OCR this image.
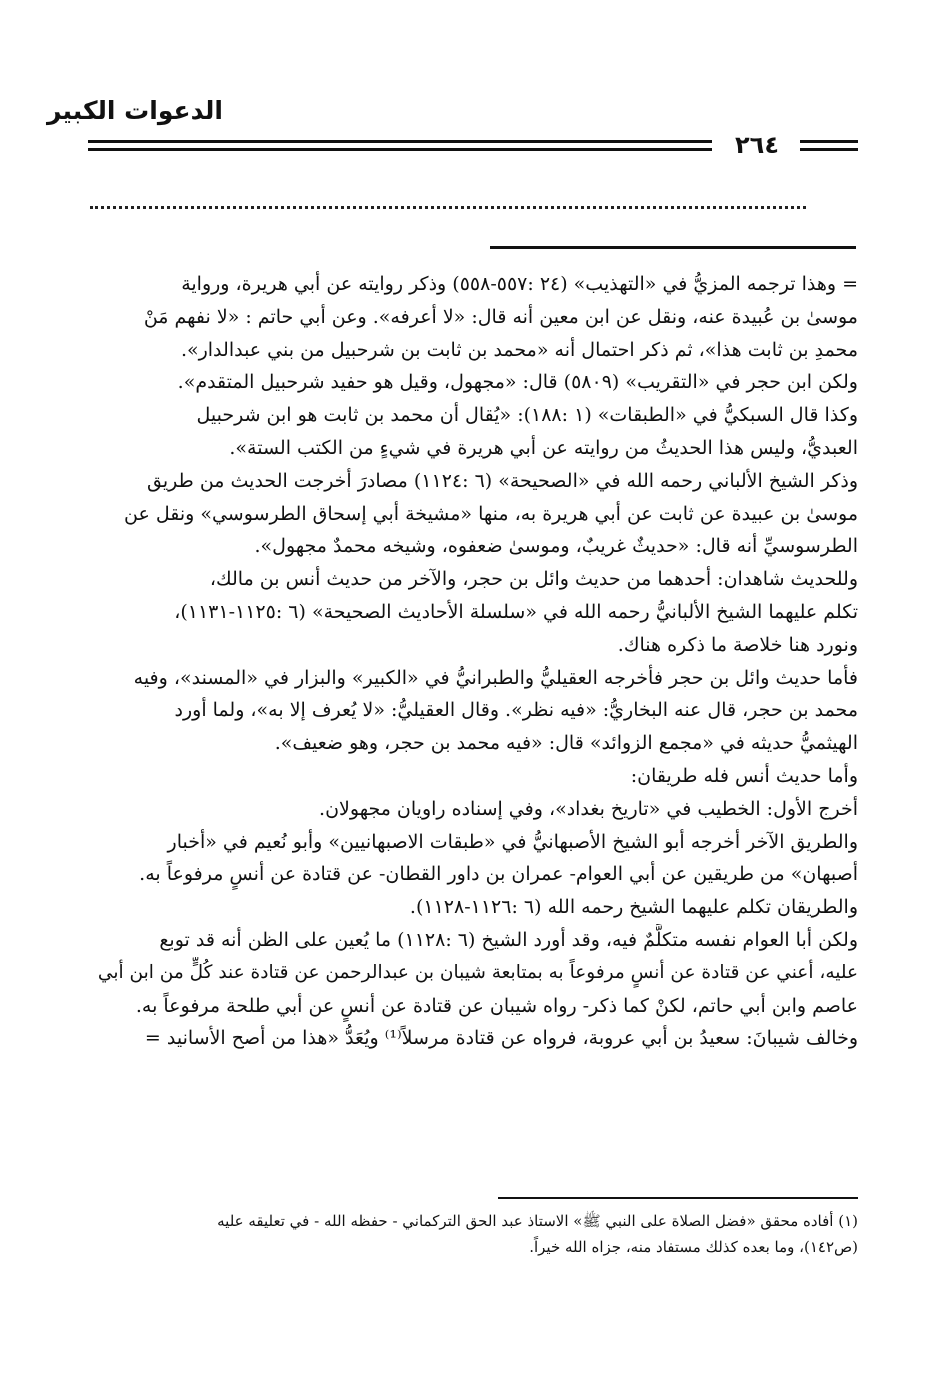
الدعوات الكبير
٢٦٤
= وهذا ترجمه المزيُّ في «التهذيب» (٢٤ :٥٥٧-٥٥٨) وذكر روايته عن أبي هريرة، ورواية
موسىٰ بن عُبيدة عنه، ونقل عن ابن معين أنه قال: «لا أعرفه». وعن أبي حاتم : «لا نفهم مَنْ
محمدِ بن ثابت هذا»، ثم ذكر احتمال أنه «محمد بن ثابت بن شرحبيل من بني عبدالدار».
ولكن ابن حجر في «التقريب» (٥٨٠٩) قال: «مجهول، وقيل هو حفيد شرحبيل المتقدم».
وكذا قال السبكيُّ في «الطبقات» (١ :١٨٨): «يُقال أن محمد بن ثابت هو ابن شرحبيل
العبديُّ، وليس هذا الحديثُ من روايته عن أبي هريرة في شيءٍ من الكتب الستة».
وذكر الشيخ الألباني رحمه الله في «الصحيحة» (٦ :١١٢٤) مصادرَ أخرجت الحديث من طريق
موسىٰ بن عبيدة عن ثابت عن أبي هريرة به، منها «مشيخة أبي إسحاق الطرسوسي» ونقل عن
الطرسوسيِّ أنه قال: «حديثٌ غريبٌ، وموسىٰ ضعفوه، وشيخه محمدٌ مجهول».
وللحديث شاهدان: أحدهما من حديث وائل بن حجر، والآخر من حديث أنس بن مالك،
تكلم عليهما الشيخ الألبانيُّ رحمه الله في «سلسلة الأحاديث الصحيحة» (٦ :١١٢٥-١١٣١)،
ونورد هنا خلاصة ما ذكره هناك.
فأما حديث وائل بن حجر فأخرجه العقيليُّ والطبرانيُّ في «الكبير» والبزار في «المسند»، وفيه
محمد بن حجر، قال عنه البخاريُّ: «فيه نظر». وقال العقيليُّ: «لا يُعرف إلا به»، ولما أورد
الهيثميُّ حديثه في «مجمع الزوائد» قال: «فيه محمد بن حجر، وهو ضعيف».
وأما حديث أنس فله طريقان:
أخرج الأول: الخطيب في «تاريخ بغداد»، وفي إسناده راويان مجهولان.
والطريق الآخر أخرجه أبو الشيخ الأصبهانيُّ في «طبقات الاصبهانيين» وأبو نُعيم في «أخبار
أصبهان» من طريقين عن أبي العوام- عمران بن داور القطان- عن قتادة عن أنسٍ مرفوعاً به.
والطريقان تكلم عليهما الشيخ رحمه الله (٦ :١١٢٦-١١٢٨).
ولكن أبا العوام نفسه متكلَّمٌ فيه، وقد أورد الشيخ (٦ :١١٢٨) ما يُعين على الظن أنه قد توبع
عليه، أعني عن قتادة عن أنسٍ مرفوعاً به بمتابعة شيبان بن عبدالرحمن عن قتادة عند كُلٍّ من ابن أبي
عاصم وابن أبي حاتم، لكنْ كما ذكر- رواه شيبان عن قتادة عن أنسٍ عن أبي طلحة مرفوعاً به.
وخالف شيبانَ: سعيدُ بن أبي عروبة، فرواه عن قتادة مرسلاً⁽¹⁾ ويُعَدُّ «هذا من أصح الأسانيد =
(١) أفاده محقق «فضل الصلاة على النبي ﷺ» الاستاذ عبد الحق التركماني - حفظه الله - في تعليقه عليه
(ص١٤٢)، وما بعده كذلك مستفاد منه، جزاه الله خيراً.
